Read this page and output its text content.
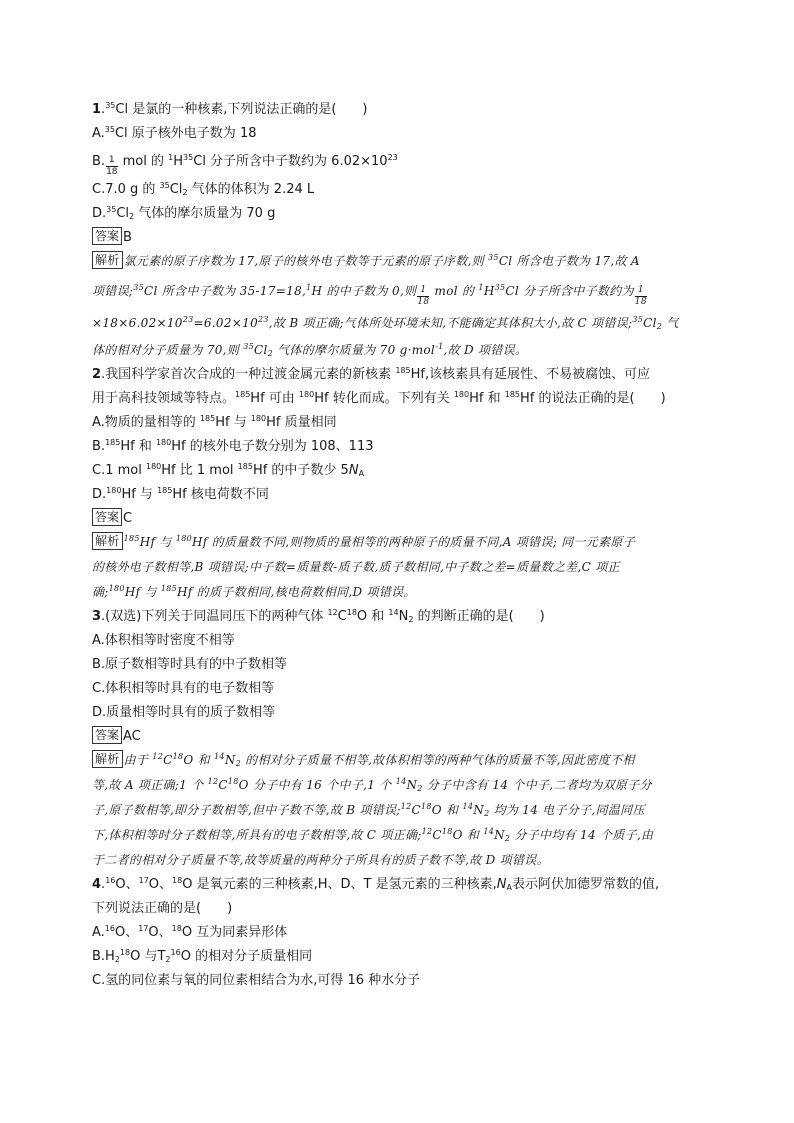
1.35Cl 是氯的一种核素,下列说法正确的是(　　)
A.$^{35}$Cl 原子核外电子数为 18
B. $\frac{1}{18}$ mol 的 $^1H^{35}Cl$ 分子所含中子数约为 $6.02\times 10^{23}$
C.7.0 g 的 $^{35}Cl_2$ 气体的体积为 2.24 L
$D.^{35}Cl_2$ 气体的摩尔质量为 70 g
答案 B
解析 氯元素的原子序数为 17,原子的核外电子数等于元素的原子序数,则 $^{35}$Cl 所含电子数为 17,故 A
项错误;$^{35}$Cl 所含中子数为 35-17=18,$^1$H 的中子数为 0,则 $\frac{1}{18}$ mol 的 $^1H^{35}Cl$ 分子所含中子数约为 $\frac{1}{18}$
$\times 18\times 6.02\times 10^{23}=6.02\times 10^{23}$,故 B 项正确;气体所处环境未知,不能确定其体积大小,故 C 项错误$;^{35}Cl_2$ 气
体的相对分子质量为 70,则 $^{35}Cl_2$ 气体的摩尔质量为 70 g·mol$^{-1}$,故 D 项错误。
2.我国科学家首次合成的一种过渡金属元素的新核素 $^{185}$Hf,该核素具有延展性、不易被腐蚀、可应
用于高科技领域等特点。$^{185}$Hf 可由 $^{180}$Hf 转化而成。下列有关 $^{180}$Hf 和 $^{185}$Hf 的说法正确的是(　　)
A.物质的量相等的 $^{185}$Hf 与 $^{180}$Hf 质量相同
B.$^{185}$Hf 和 $^{180}$Hf 的核外电子数分别为 108、113
C.1 mol $^{180}$Hf 比 1 mol $^{185}$Hf 的中子数少 $5N_A$
D.$^{180}$Hf 与 $^{185}$Hf 核电荷数不同
答案 C
解析 $^{185}$Hf 与 $^{180}$Hf 的质量数不同,则物质的量相等的两种原子的质量不同,A 项错误; 同一元素原子
的核外电子数相等,B 项错误;中子数=质量数-质子数,质子数相同,中子数之差=质量数之差,C 项正
确;$^{180}$Hf 与 $^{185}$Hf 的质子数相同,核电荷数相同,D 项错误。
3.(双选)下列关于同温同压下的两种气体 $^{12}C^{18}O$ 和 $^{14}N_2$ 的判断正确的是(　　)
A.体积相等时密度不相等
B.原子数相等时具有的中子数相等
C.体积相等时具有的电子数相等
D.质量相等时具有的质子数相等
答案 AC
解析 由于 $^{12}C^{18}O$ 和 $^{14}N_2$ 的相对分子质量不相等,故体积相等的两种气体的质量不等,因此密度不相
等,故 A 项正确;1 个 $^{12}C^{18}O$ 分子中有 16 个中子,1 个 $^{14}N_2$ 分子中含有 14 个中子,二者均为双原子分
子,原子数相等,即分子数相等,但中子数不等,故 B 项错误$;^{12}C^{18}O$ 和 $^{14}N_2$ 均为 14 电子分子,同温同压
下,体积相等时分子数相等,所具有的电子数相等,故 C 项正确$;^{12}C^{18}O$ 和 $^{14}N_2$ 分子中均有 14 个质子,由
于二者的相对分子质量不等,故等质量的两种分子所具有的质子数不等,故 D 项错误。
4.16O、$^{17}$O、$^{18}$O 是氧元素的三种核素,H、D、T 是氢元素的三种核素$,N_A$表示阿伏加德罗常数的值,
下列说法正确的是(　　)
A.$^{16}$O、$^{17}$O、$^{18}$O 互为同素异形体
$B.H_2^{18}O$ 与$T_2^{16}O$ 的相对分子质量相同
C.氢的同位素与氧的同位素相结合为水,可得 16 种水分子
